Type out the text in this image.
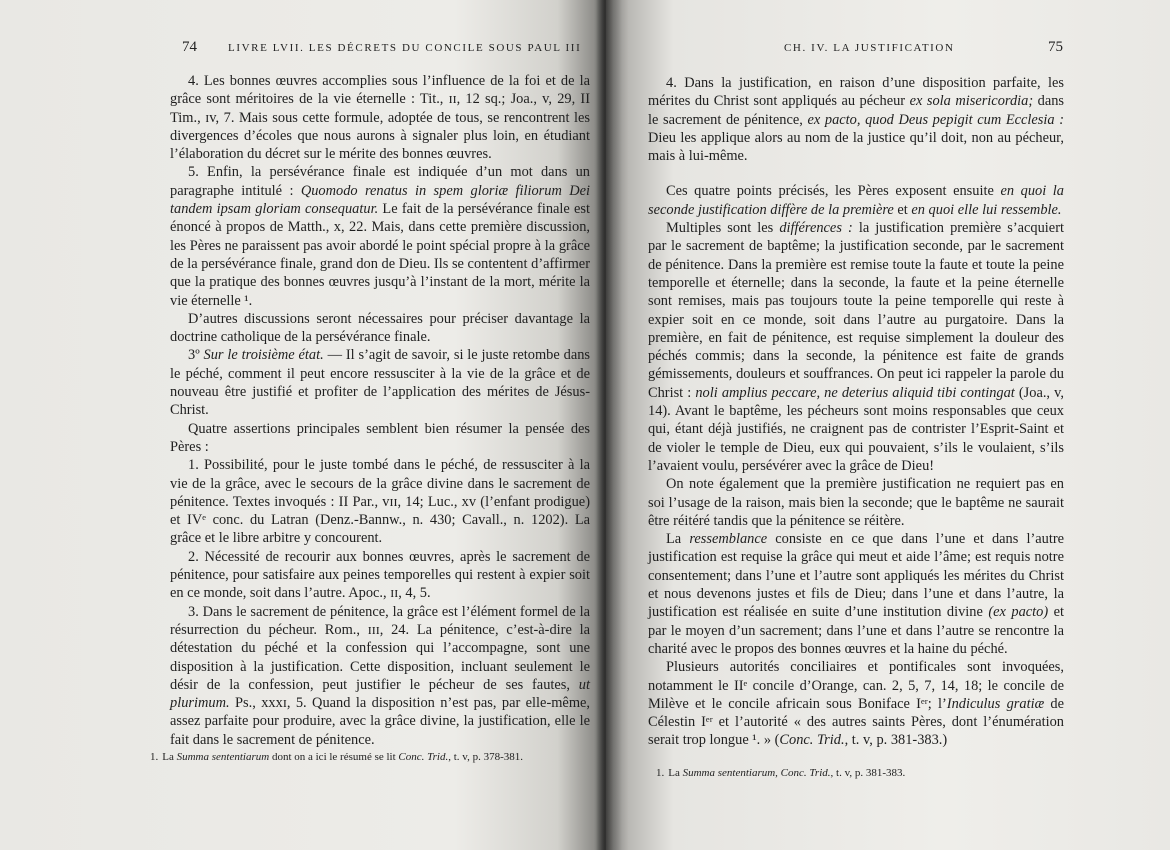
74	LIVRE LVII. LES DÉCRETS DU CONCILE SOUS PAUL III

4. Les bonnes œuvres accomplies sous l’influence de la foi et de la grâce sont méritoires de la vie éternelle : Tit., ɪɪ, 12 sq.; Joa., v, 29, II Tim., ɪv, 7. Mais sous cette formule, adoptée de tous, se rencontrent les divergences d’écoles que nous aurons à signaler plus loin, en étudiant l’élaboration du décret sur le mérite des bonnes œuvres.

5. Enfin, la persévérance finale est indiquée d’un mot dans un paragraphe intitulé : Quomodo renatus in spem gloriæ filiorum Dei tandem ipsam gloriam consequatur. Le fait de la persévérance finale est énoncé à propos de Matth., x, 22. Mais, dans cette première discussion, les Pères ne paraissent pas avoir abordé le point spécial propre à la grâce de la persévérance finale, grand don de Dieu. Ils se contentent d’affirmer que la pratique des bonnes œuvres jusqu’à l’instant de la mort, mérite la vie éternelle ¹.

D’autres discussions seront nécessaires pour préciser davantage la doctrine catholique de la persévérance finale.

3º Sur le troisième état. — Il s’agit de savoir, si le juste retombe dans le péché, comment il peut encore ressusciter à la vie de la grâce et de nouveau être justifié et profiter de l’application des mérites de Jésus-Christ.

Quatre assertions principales semblent bien résumer la pensée des Pères :

1. Possibilité, pour le juste tombé dans le péché, de ressusciter à la vie de la grâce, avec le secours de la grâce divine dans le sacrement de pénitence. Textes invoqués : II Par., ᴠɪɪ, 14; Luc., xv (l’enfant prodigue) et IVᵉ conc. du Latran (Denz.-Bannw., n. 430; Cavall., n. 1202). La grâce et le libre arbitre y concourent.

2. Nécessité de recourir aux bonnes œuvres, après le sacrement de pénitence, pour satisfaire aux peines temporelles qui restent à expier soit en ce monde, soit dans l’autre. Apoc., ɪɪ, 4, 5.

3. Dans le sacrement de pénitence, la grâce est l’élément formel de la résurrection du pécheur. Rom., ɪɪɪ, 24. La pénitence, c’est-à-dire la détestation du péché et la confession qui l’accompagne, sont une disposition à la justification. Cette disposition, incluant seulement le désir de la confession, peut justifier le pécheur de ses fautes, ut plurimum. Ps., xxxɪ, 5. Quand la disposition n’est pas, par elle-même, assez parfaite pour produire, avec la grâce divine, la justification, elle le fait dans le sacrement de pénitence.

1. La Summa sententiarum dont on a ici le résumé se lit Conc. Trid., t. v, p. 378-381.
CH. IV. LA JUSTIFICATION	75

4. Dans la justification, en raison d’une disposition parfaite, les mérites du Christ sont appliqués au pécheur ex sola misericordia; dans le sacrement de pénitence, ex pacto, quod Deus pepigit cum Ecclesia : Dieu les applique alors au nom de la justice qu’il doit, non au pécheur, mais à lui-même.

Ces quatre points précisés, les Pères exposent ensuite en quoi la seconde justification diffère de la première et en quoi elle lui ressemble.

Multiples sont les différences : la justification première s’acquiert par le sacrement de baptême; la justification seconde, par le sacrement de pénitence. Dans la première est remise toute la faute et toute la peine temporelle et éternelle; dans la seconde, la faute et la peine éternelle sont remises, mais pas toujours toute la peine temporelle qui reste à expier soit en ce monde, soit dans l’autre au purgatoire. Dans la première, en fait de pénitence, est requise simplement la douleur des péchés commis; dans la seconde, la pénitence est faite de grands gémissements, douleurs et souffrances. On peut ici rappeler la parole du Christ : noli amplius peccare, ne deterius aliquid tibi contingat (Joa., v, 14). Avant le baptême, les pécheurs sont moins responsables que ceux qui, étant déjà justifiés, ne craignent pas de contrister l’Esprit-Saint et de violer le temple de Dieu, eux qui pouvaient, s’ils le voulaient, s’ils l’avaient voulu, persévérer avec la grâce de Dieu!

On note également que la première justification ne requiert pas en soi l’usage de la raison, mais bien la seconde; que le baptême ne saurait être réitéré tandis que la pénitence se réitère.

La ressemblance consiste en ce que dans l’une et dans l’autre justification est requise la grâce qui meut et aide l’âme; est requis notre consentement; dans l’une et l’autre sont appliqués les mérites du Christ et nous devenons justes et fils de Dieu; dans l’une et dans l’autre, la justification est réalisée en suite d’une institution divine (ex pacto) et par le moyen d’un sacrement; dans l’une et dans l’autre se rencontre la charité avec le propos des bonnes œuvres et la haine du péché.

Plusieurs autorités conciliaires et pontificales sont invoquées, notamment le IIᵉ concile d’Orange, can. 2, 5, 7, 14, 18; le concile de Milève et le concile africain sous Boniface Iᵉʳ; l’Indiculus gratiæ de Célestin Iᵉʳ et l’autorité « des autres saints Pères, dont l’énumération serait trop longue ¹. » (Conc. Trid., t. v, p. 381-383.)

1. La Summa sententiarum, Conc. Trid., t. v, p. 381-383.
